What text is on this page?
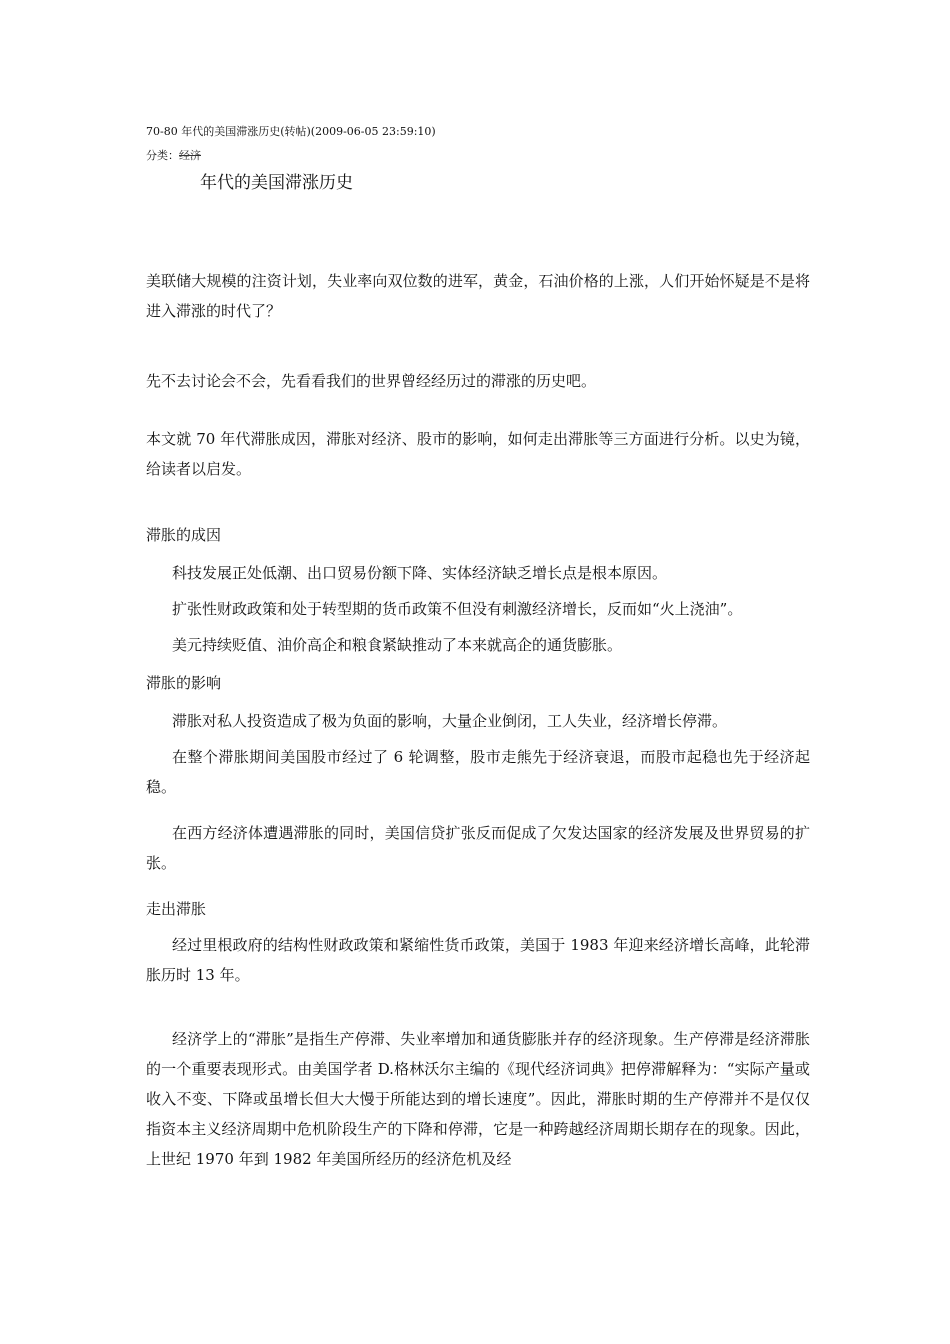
70-80 年代的美国滞涨历史(转帖)(2009-06-05 23:59:10)
分类：经济
年代的美国滞涨历史

美联储大规模的注资计划，失业率向双位数的进军，黄金，石油价格的上涨，人们开始怀疑是不是将进入滞涨的时代了？

先不去讨论会不会，先看看我们的世界曾经经历过的滞涨的历史吧。

本文就 70 年代滞胀成因，滞胀对经济、股市的影响，如何走出滞胀等三方面进行分析。以史为镜，给读者以启发。

滞胀的成因

科技发展正处低潮、出口贸易份额下降、实体经济缺乏增长点是根本原因。

扩张性财政政策和处于转型期的货币政策不但没有刺激经济增长，反而如“火上浇油”。

美元持续贬值、油价高企和粮食紧缺推动了本来就高企的通货膨胀。

滞胀的影响

滞胀对私人投资造成了极为负面的影响，大量企业倒闭，工人失业，经济增长停滞。

在整个滞胀期间美国股市经过了 6 轮调整，股市走熊先于经济衰退，而股市起稳也先于经济起稳。

在西方经济体遭遇滞胀的同时，美国信贷扩张反而促成了欠发达国家的经济发展及世界贸易的扩张。

走出滞胀

经过里根政府的结构性财政政策和紧缩性货币政策，美国于 1983 年迎来经济增长高峰，此轮滞胀历时 13 年。

经济学上的“滞胀”是指生产停滞、失业率增加和通货膨胀并存的经济现象。生产停滞是经济滞胀的一个重要表现形式。由美国学者 D.格林沃尔主编的《现代经济词典》把停滞解释为：“实际产量或收入不变、下降或虽增长但大大慢于所能达到的增长速度”。因此，滞胀时期的生产停滞并不是仅仅指资本主义经济周期中危机阶段生产的下降和停滞，它是一种跨越经济周期长期存在的现象。因此，上世纪 1970 年到 1982 年美国所经历的经济危机及经
